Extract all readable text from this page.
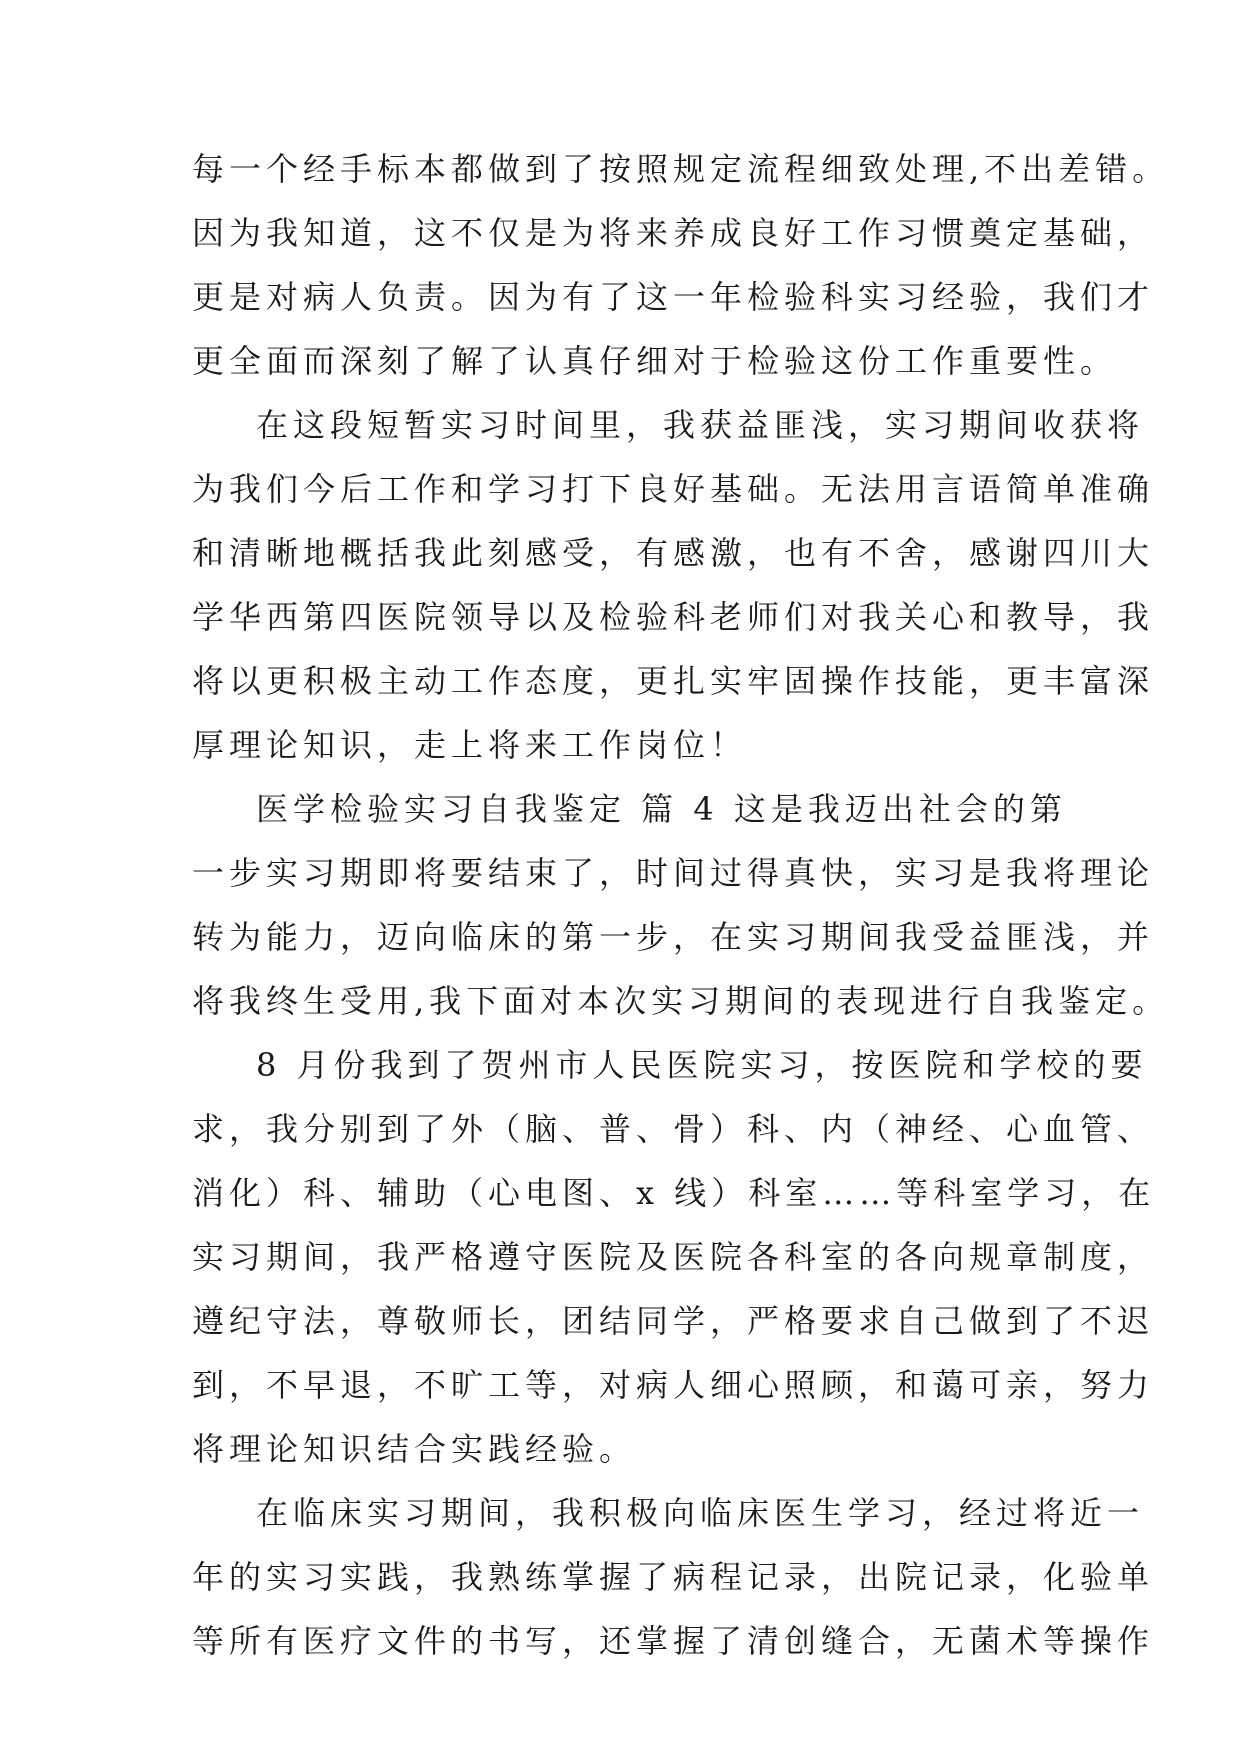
每一个经手标本都做到了按照规定流程细致处理,不出差错。

因为我知道，这不仅是为将来养成良好工作习惯奠定基础，

更是对病人负责。因为有了这一年检验科实习经验，我们才

更全面而深刻了解了认真仔细对于检验这份工作重要性。

在这段短暂实习时间里，我获益匪浅，实习期间收获将

为我们今后工作和学习打下良好基础。无法用言语简单准确

和清晰地概括我此刻感受，有感激，也有不舍，感谢四川大

学华西第四医院领导以及检验科老师们对我关心和教导，我

将以更积极主动工作态度，更扎实牢固操作技能，更丰富深

厚理论知识，走上将来工作岗位！

医学检验实习自我鉴定 篇 4 这是我迈出社会的第

一步实习期即将要结束了，时间过得真快，实习是我将理论

转为能力，迈向临床的第一步，在实习期间我受益匪浅，并

将我终生受用,我下面对本次实习期间的表现进行自我鉴定。

8 月份我到了贺州市人民医院实习，按医院和学校的要

求，我分别到了外（脑、普、骨）科、内（神经、心血管、

消化）科、辅助（心电图、x 线）科室……等科室学习，在

实习期间，我严格遵守医院及医院各科室的各向规章制度，

遵纪守法，尊敬师长，团结同学，严格要求自己做到了不迟

到，不早退，不旷工等，对病人细心照顾，和蔼可亲，努力

将理论知识结合实践经验。

在临床实习期间，我积极向临床医生学习，经过将近一

年的实习实践，我熟练掌握了病程记录，出院记录，化验单

等所有医疗文件的书写，还掌握了清创缝合，无菌术等操作
